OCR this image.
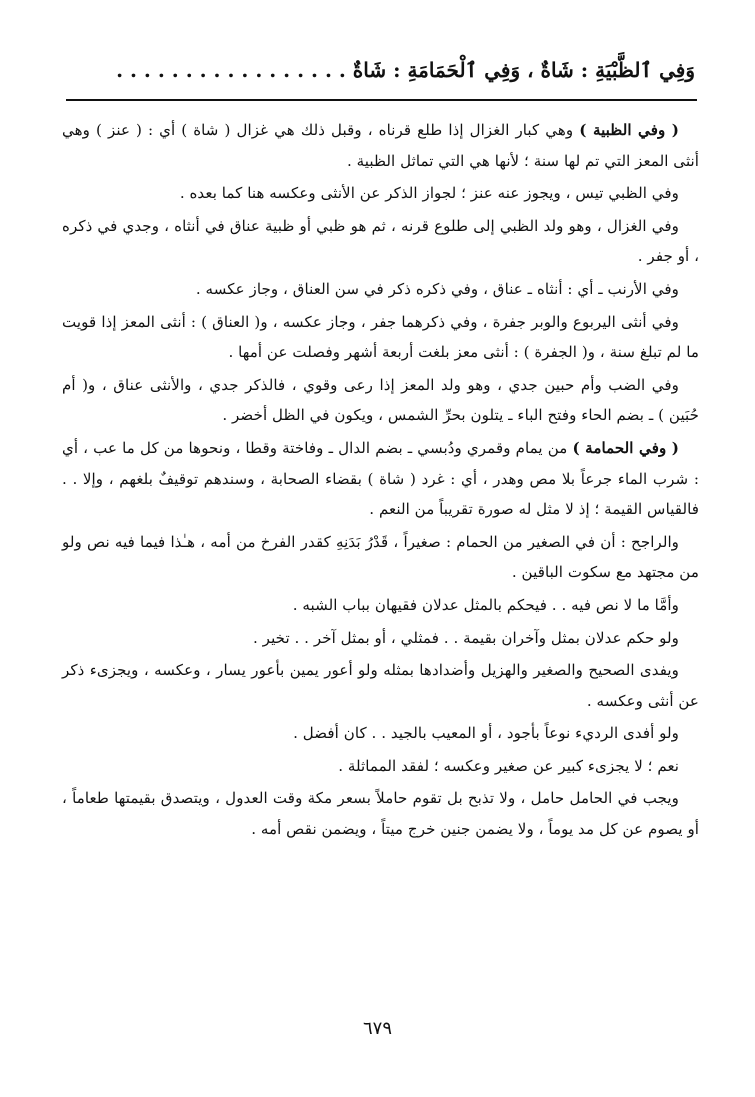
وَفِي ٱلظَّبْيَةِ : شَاةٌ ، وَفِي ٱلْحَمَامَةِ : شَاةٌ . . . . . . . . . . . . . . . . .

( وفي الظبية ) وهي كبار الغزال إذا طلع قرناه ، وقبل ذلك هي غزال ( شاة ) أي : ( عنز ) وهي أنثى المعز التي تم لها سنة ؛ لأنها هي التي تماثل الظبية .

وفي الظبي تيس ، ويجوز عنه عنز ؛ لجواز الذكر عن الأنثى وعكسه هنا كما بعده .

وفي الغزال ، وهو ولد الظبي إلى طلوع قرنه ، ثم هو ظبي أو ظبية عناق في أنثاه ، وجدي في ذكره ، أو جفر .

وفي الأرنب ـ أي : أنثاه ـ عناق ، وفي ذكره ذكر في سن العناق ، وجاز عكسه .

وفي أنثى اليربوع والوبر جفرة ، وفي ذكرهما جفر ، وجاز عكسه ، و( العناق ) : أنثى المعز إذا قويت ما لم تبلغ سنة ، و( الجفرة ) : أنثى معز بلغت أربعة أشهر وفصلت عن أمها .

وفي الضب وأم حبين جدي ، وهو ولد المعز إذا رعى وقوي ، فالذكر جدي ، والأنثى عناق ، و( أم حُبَين ) ـ بضم الحاء وفتح الباء ـ يتلون بحرِّ الشمس ، ويكون في الظل أخضر .

( وفي الحمامة ) من يمام وقمري ودُبسي ـ بضم الدال ـ وفاختة وقطا ، ونحوها من كل ما عب ، أي : شرب الماء جرعاً بلا مص وهدر ، أي : غرد ( شاة ) بقضاء الصحابة ، وسندهم توقيفٌ بلغهم ، وإلا . . فالقياس القيمة ؛ إذ لا مثل له صورة تقريباً من النعم .

والراجح : أن في الصغير من الحمام : صغيراً ، قَدْرُ بَدَنِهِ كقدر الفرخ من أمه ، هـٰذا فيما فيه نص ولو من مجتهد مع سكوت الباقين .

وأمَّا ما لا نص فيه . . فيحكم بالمثل عدلان فقيهان بباب الشبه .

ولو حكم عدلان بمثل وآخران بقيمة . . فمثلي ، أو بمثل آخر . . تخير .

ويفدى الصحيح والصغير والهزيل وأضدادها بمثله ولو أعور يمين بأعور يسار ، وعكسه ، ويجزىء ذكر عن أنثى وعكسه .

ولو أفدى الرديء نوعاً بأجود ، أو المعيب بالجيد . . كان أفضل .

نعم ؛ لا يجزىء كبير عن صغير وعكسه ؛ لفقد المماثلة .

ويجب في الحامل حامل ، ولا تذبح بل تقوم حاملاً بسعر مكة وقت العدول ، ويتصدق بقيمتها طعاماً ، أو يصوم عن كل مد يوماً ، ولا يضمن جنين خرج ميتاً ، ويضمن نقص أمه .

٦٧٩
